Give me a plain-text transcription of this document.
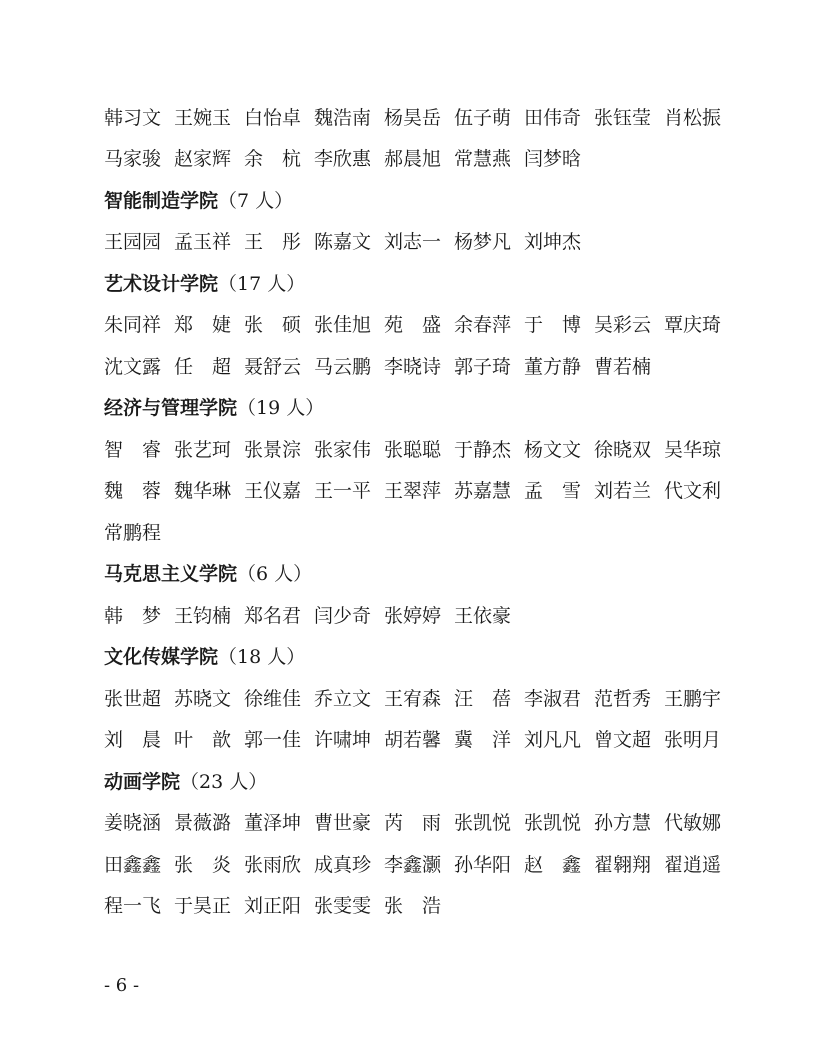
韩习文 王婉玉 白怡卓 魏浩南 杨昊岳 伍子萌 田伟奇 张钰莹 肖松振
马家骏 赵家辉 余　杭 李欣惠 郝晨旭 常慧燕 闫梦晗
智能制造学院 （7 人）
王园园 孟玉祥 王　彤 陈嘉文 刘志一 杨梦凡 刘坤杰
艺术设计学院 （17 人）
朱同祥 郑　婕 张　硕 张佳旭 苑　盛 余春萍 于　博 吴彩云 覃庆琦
沈文露 任　超 聂舒云 马云鹏 李晓诗 郭子琦 董方静 曹若楠
经济与管理学院 （19 人）
智　睿 张艺珂 张景淙 张家伟 张聪聪 于静杰 杨文文 徐晓双 吴华琼
魏　蓉 魏华琳 王仪嘉 王一平 王翠萍 苏嘉慧 孟　雪 刘若兰 代文利
常鹏程
马克思主义学院 （6 人）
韩　梦 王钧楠 郑名君 闫少奇 张婷婷 王依豪
文化传媒学院 （18 人）
张世超 苏晓文 徐维佳 乔立文 王宥森 汪　蓓 李淑君 范哲秀 王鹏宇
刘　晨 叶　歆 郭一佳 许啸坤 胡若馨 冀　洋 刘凡凡 曾文超 张明月
动画学院 （23 人）
姜晓涵 景薇潞 董泽坤 曹世豪 芮　雨 张凯悦 张凯悦 孙方慧 代敏娜
田鑫鑫 张　炎 张雨欣 成真珍 李鑫灏 孙华阳 赵　鑫 翟翱翔 翟逍遥
程一飞 于昊正 刘正阳 张雯雯 张　浩
- 6 -
